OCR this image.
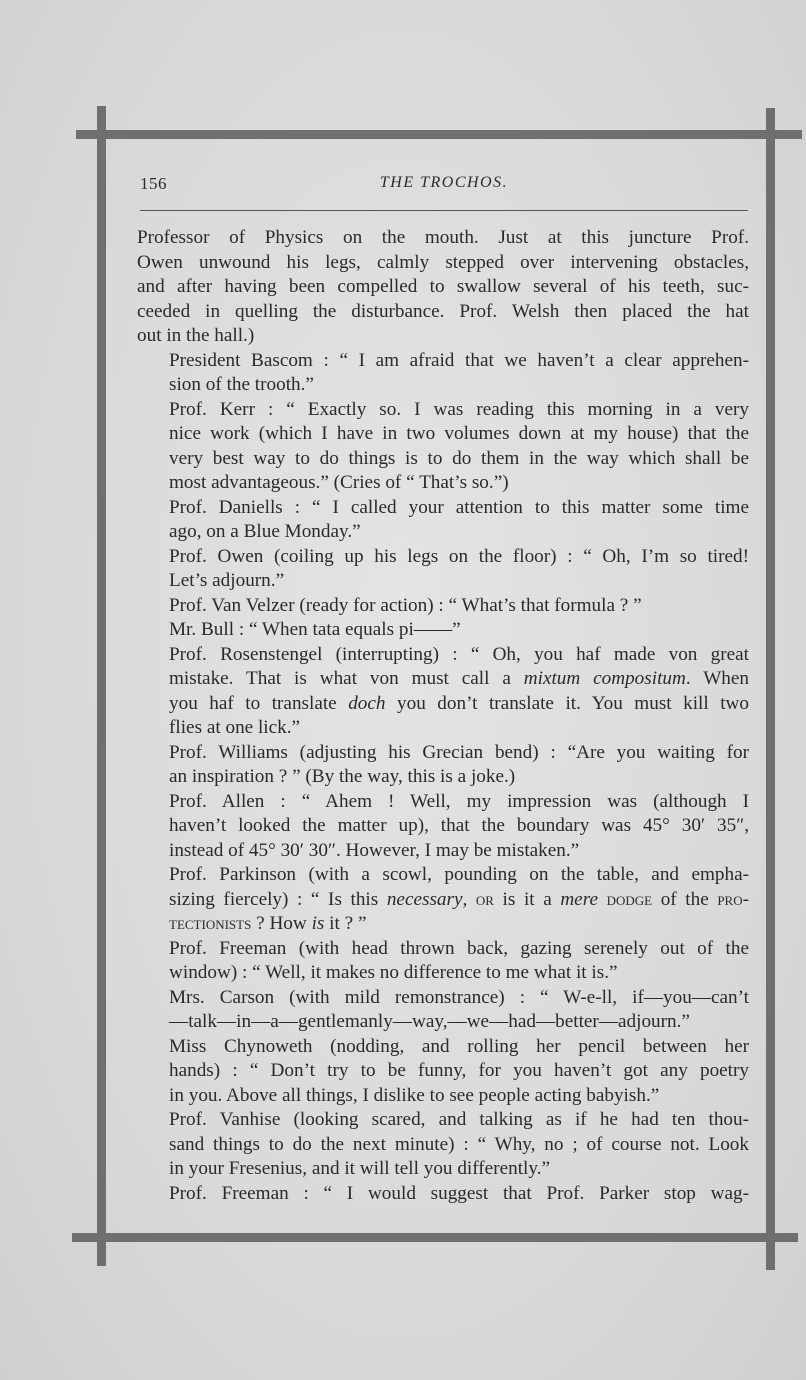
156	THE TROCHOS.

Professor of Physics on the mouth. Just at this juncture Prof.
Owen unwound his legs, calmly stepped over intervening obstacles,
and after having been compelled to swallow several of his teeth, suc-
ceeded in quelling the disturbance. Prof. Welsh then placed the hat
out in the hall.)

President Bascom : “ I am afraid that we haven’t a clear apprehen-
sion of the trooth.”

Prof. Kerr : “ Exactly so. I was reading this morning in a very
nice work (which I have in two volumes down at my house) that the
very best way to do things is to do them in the way which shall be
most advantageous.” (Cries of “ That’s so.”)

Prof. Daniells : “ I called your attention to this matter some time
ago, on a Blue Monday.”

Prof. Owen (coiling up his legs on the floor) : “ Oh, I’m so tired!
Let’s adjourn.”

Prof. Van Velzer (ready for action) : “ What’s that formula ? ”

Mr. Bull : “ When tata equals pi——”

Prof. Rosenstengel (interrupting) : “ Oh, you haf made von great
mistake. That is what von must call a mixtum compositum. When
you haf to translate doch you don’t translate it. You must kill two
flies at one lick.”

Prof. Williams (adjusting his Grecian bend) : “Are you waiting for
an inspiration ? ” (By the way, this is a joke.)

Prof. Allen : “ Ahem ! Well, my impression was (although I
haven’t looked the matter up), that the boundary was 45° 30′ 35″,
instead of 45° 30′ 30″. However, I may be mistaken.”

Prof. Parkinson (with a scowl, pounding on the table, and empha-
sizing fiercely) : “ Is this necessary, or is it a mere dodge of the pro-
tectionists ? How is it ? ”

Prof. Freeman (with head thrown back, gazing serenely out of the
window) : “ Well, it makes no difference to me what it is.”

Mrs. Carson (with mild remonstrance) : “ W-e-ll, if—you—can’t
—talk—in—a—gentlemanly—way,—we—had—better—adjourn.”

Miss Chynoweth (nodding, and rolling her pencil between her
hands) : “ Don’t try to be funny, for you haven’t got any poetry
in you. Above all things, I dislike to see people acting babyish.”

Prof. Vanhise (looking scared, and talking as if he had ten thou-
sand things to do the next minute) : “ Why, no ; of course not. Look
in your Fresenius, and it will tell you differently.”

Prof. Freeman : “ I would suggest that Prof. Parker stop wag-
